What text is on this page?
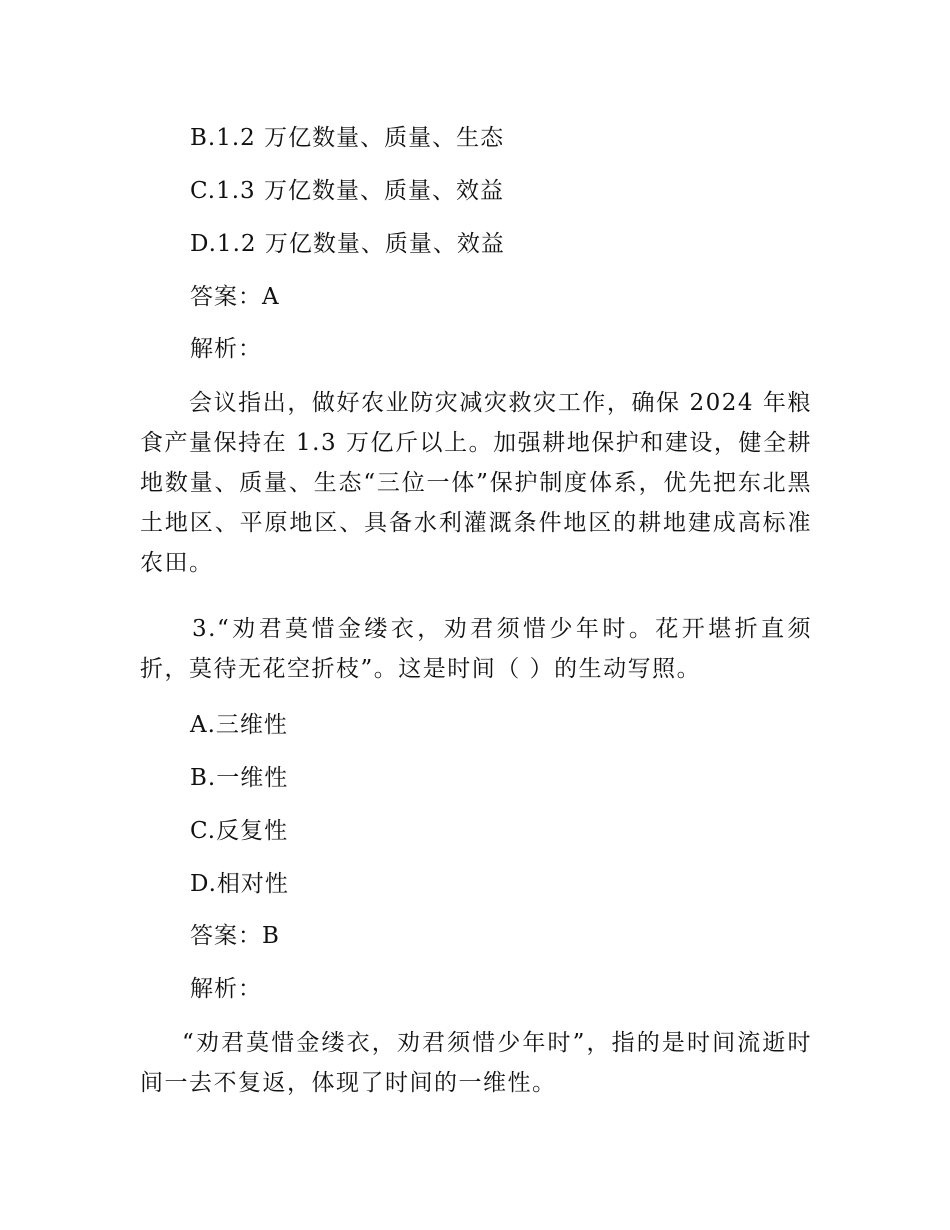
B.1.2 万亿数量、质量、生态
C.1.3 万亿数量、质量、效益
D.1.2 万亿数量、质量、效益
答案：A
解析：

会议指出，做好农业防灾减灾救灾工作，确保 2024 年粮食产量保持在 1.3 万亿斤以上。加强耕地保护和建设，健全耕地数量、质量、生态“三位一体”保护制度体系，优先把东北黑土地区、平原地区、具备水利灌溉条件地区的耕地建成高标准农田。

3.“劝君莫惜金缕衣，劝君须惜少年时。花开堪折直须折，莫待无花空折枝”。这是时间（ ）的生动写照。

A.三维性
B.一维性
C.反复性
D.相对性
答案：B
解析：

“劝君莫惜金缕衣，劝君须惜少年时”，指的是时间流逝时间一去不复返，体现了时间的一维性。
